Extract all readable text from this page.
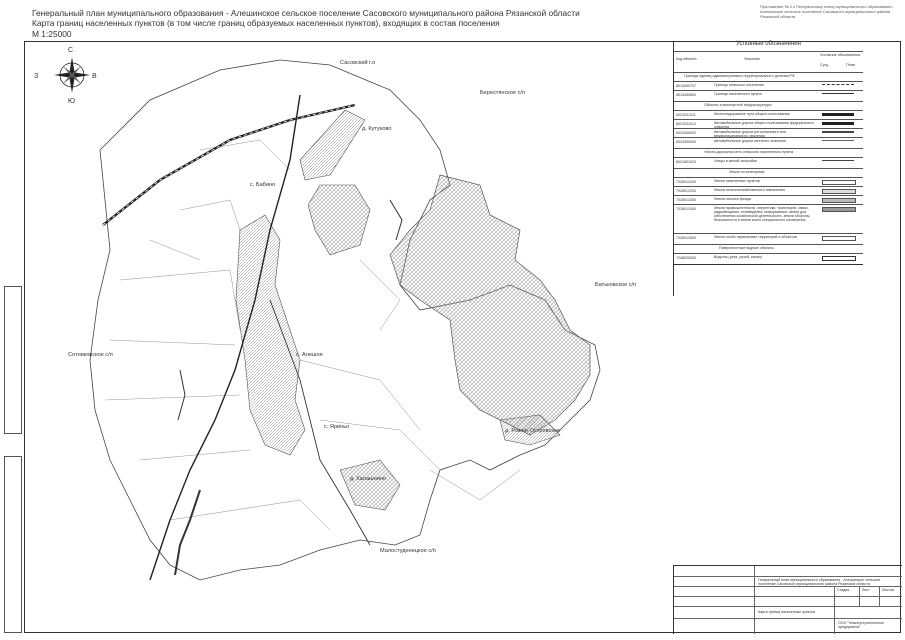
Генеральный план муниципального образования - Алешинское сельское поселение Сасовского муниципального района Рязанской области
Карта границ населенных пунктов (в том числе границ образуемых населенных пунктов), входящих в состав поселения
М 1:25000
Приложение № 2 к Генеральному плану муниципального образования - Алешинское сельское поселение Сасовского муниципального района Рязанской области
С
Ю
З	В
Сасовский г.о
Берестянское с/п
д. Кутуково
с. Бабино
Батьковское с/п
Сотниковское с/п	с. Алешня
с. Яриньо
д. Рожно-Островское
д. Калашнино
Малостуденецкое с/п
Условные обозначения
Код объекта	Значение
Условное обозначение
Сущ.	План
Границы единиц административно-территориального деления РФ
8015450707	Граница сельского поселения
8015450800	Граница населенного пункта
Объекты транспортной инфраструктуры
6023201011	Железнодорожные пути общего пользования
6023201012	Автомобильные дороги общего пользования федерального значения
6023300002	Автомобильные дороги регионального или межмуниципального значения
6023300000	Автомобильные дороги местного значения
Улично-дорожная сеть сельского населенного пункта
6021601020	Улицы в жилой застройке
Земли по категориям
7028012100	Земли населенных пунктов
7028012200	Земли сельскохозяйственного назначения
7028012300	Земли лесного фонда
7028012400	Земли промышленности, энергетики, транспорта, связи, радиовещания, телевидения, информатики, земли для обеспечения космической деятельности, земли обороны, безопасности и земли иного специального назначения
7028012500	Земли особо охраняемых территорий и объектов
Поверхностные водные объекты
7048023000	Водоток (река, ручей, канал)
Генеральный план муниципального образования - Алешинское сельское поселение Сасовского муниципального района Рязанской области
Карта границ населенных пунктов
Стадия	Лист	Листов
ООО "Землеустроительное предприятие"
